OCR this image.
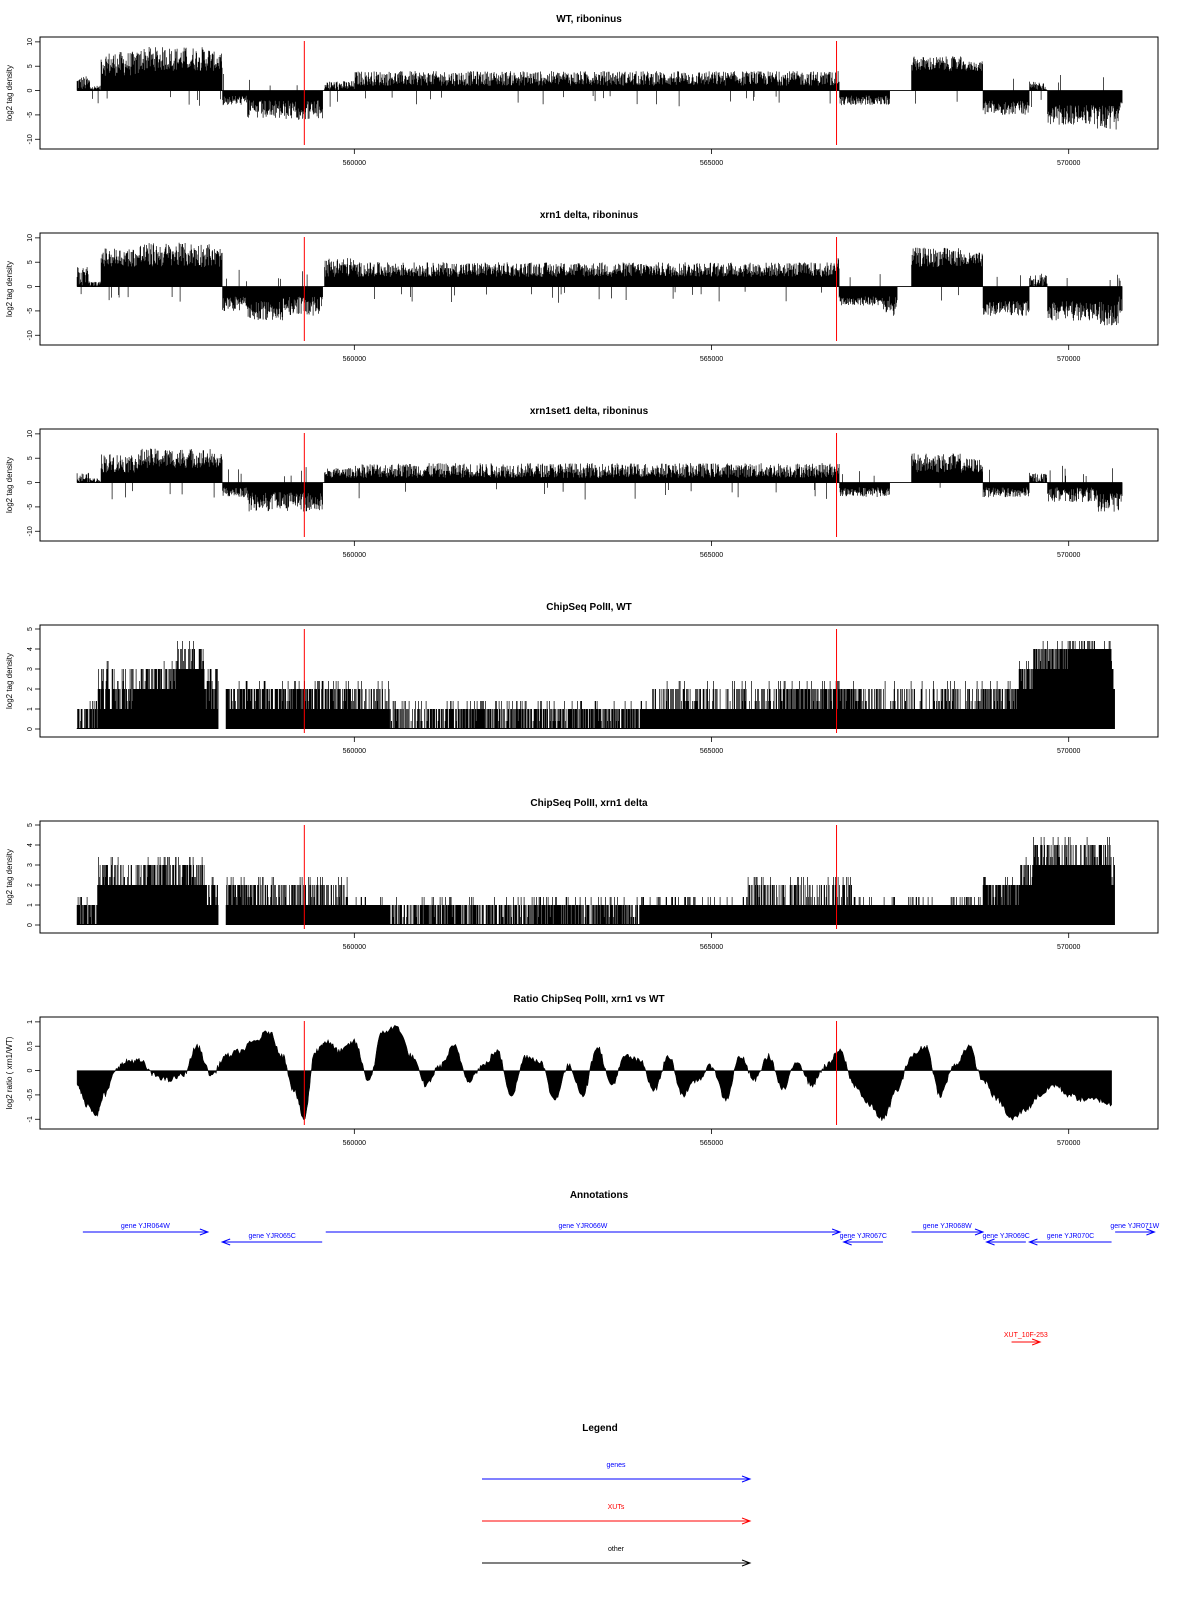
WT, riboninus
log2 tag density
-10
-5
0
5
10
560000	565000	570000
xrn1 delta, riboninus
log2 tag density
-10
-5
0
5
10
560000	565000	570000
xrn1set1 delta, riboninus
log2 tag density
-10
-5
0
5
10
560000	565000	570000
ChipSeq PolII, WT
log2 tag density
0
1
2
3
4
5
560000	565000	570000
ChipSeq PolII, xrn1 delta
log2 tag density
0
1
2
3
4
5
560000	565000	570000
Ratio ChipSeq PolII, xrn1 vs WT
log2 ratio ( xrn1/WT)
-1
-0.5
0
0.5
1
560000	565000	570000
Annotations
gene YJR064W
gene YJR065C
gene YJR066W
gene YJR067C
gene YJR068W
gene YJR069C gene YJR070C
gene YJR071W
XUT_10F-253
Legend
genes
XUTs
other
